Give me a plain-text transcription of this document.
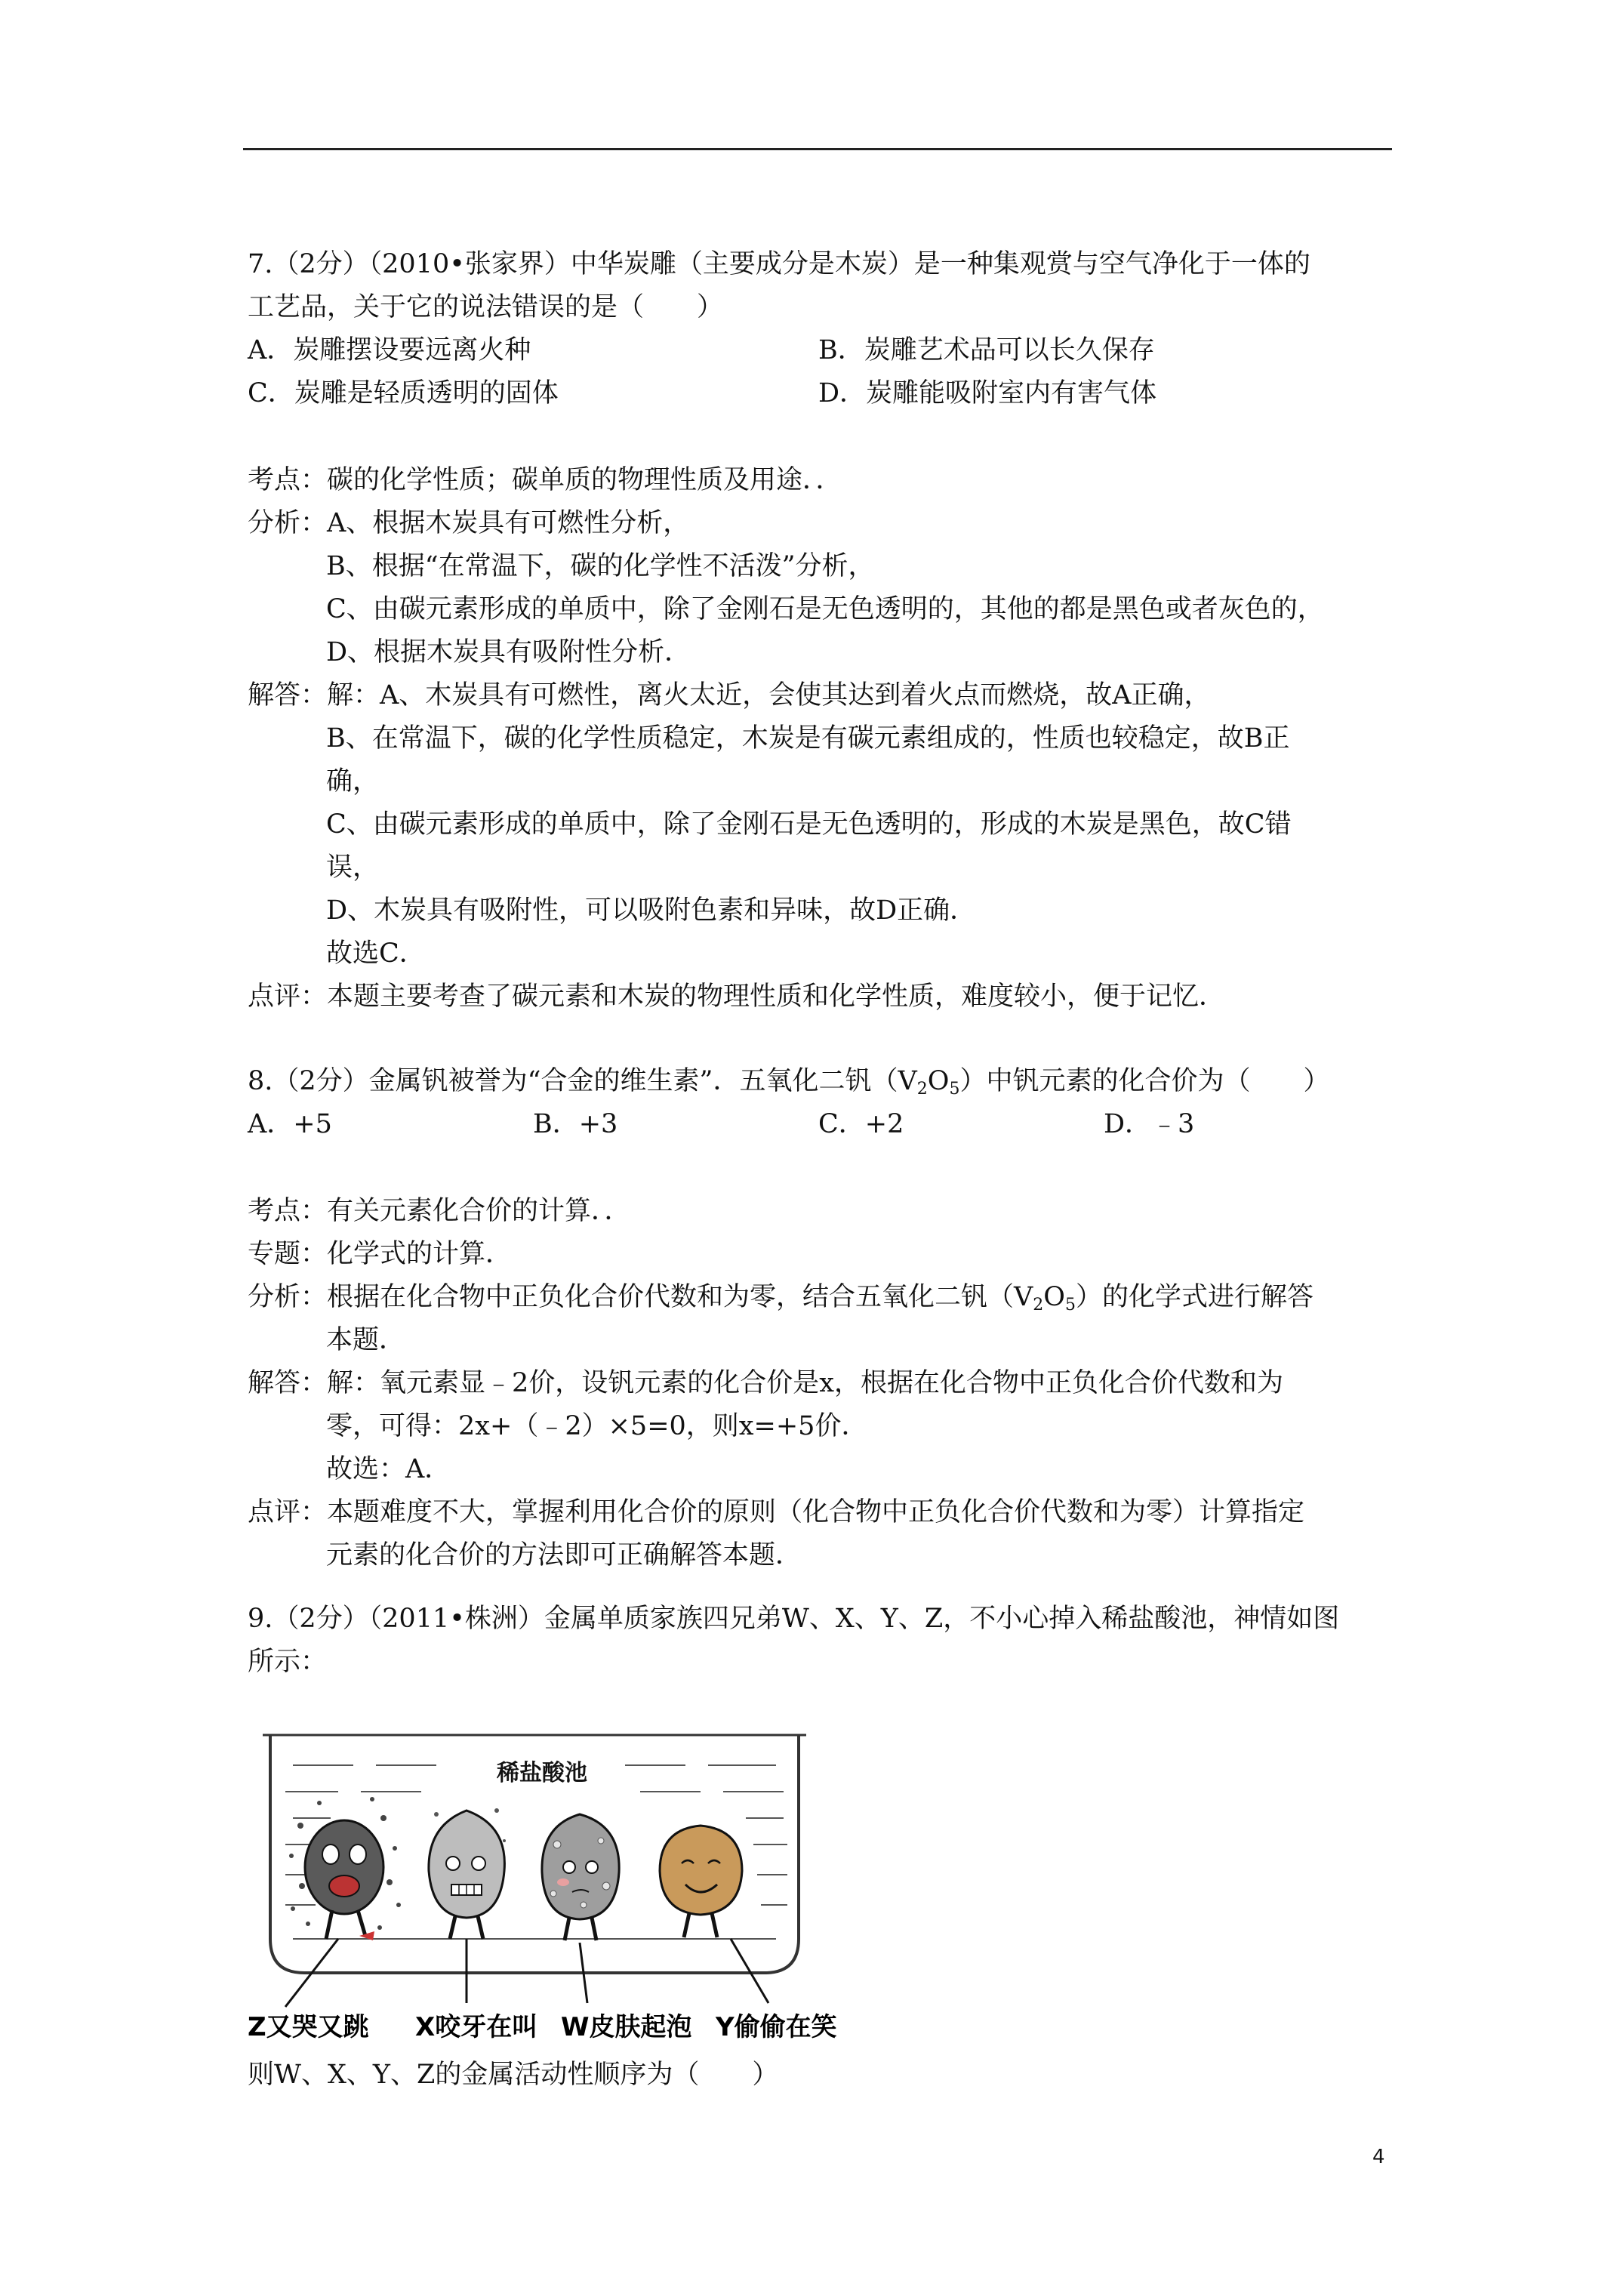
7.（2分）（2010•张家界）中华炭雕（主要成分是木炭）是一种集观赏与空气净化于一体的
工艺品，关于它的说法错误的是（　　）
A．炭雕摆设要远离火种	B．炭雕艺术品可以长久保存
C．炭雕是轻质透明的固体	D．炭雕能吸附室内有害气体
考点：碳的化学性质；碳单质的物理性质及用途．．
分析：A、根据木炭具有可燃性分析，
B、根据“在常温下，碳的化学性不活泼”分析，
C、由碳元素形成的单质中，除了金刚石是无色透明的，其他的都是黑色或者灰色的，
D、根据木炭具有吸附性分析．
解答：解：A、木炭具有可燃性，离火太近，会使其达到着火点而燃烧，故A正确，
B、在常温下，碳的化学性质稳定，木炭是有碳元素组成的，性质也较稳定，故B正
确，
C、由碳元素形成的单质中，除了金刚石是无色透明的，形成的木炭是黑色，故C错
误，
D、木炭具有吸附性，可以吸附色素和异味，故D正确．
故选C．
点评：本题主要考查了碳元素和木炭的物理性质和化学性质，难度较小，便于记忆．
8.（2分）金属钒被誉为“合金的维生素”．五氧化二钒$(V_2O_5)$中钒元素的化合价为（　　）
A．+5	B．+3	C．+2	D．﹣3
考点：有关元素化合价的计算．．
专题：化学式的计算．
分析：根据在化合物中正负化合价代数和为零，结合五氧化二钒$(V_2O_5)$的化学式进行解答
本题．
解答：解：氧元素显﹣2价，设钒元素的化合价是x，根据在化合物中正负化合价代数和为
零，可得：2x+（﹣2）×5=0，则x=+5价．
故选：A．
点评：本题难度不大，掌握利用化合价的原则（化合物中正负化合价代数和为零）计算指定
元素的化合价的方法即可正确解答本题．
9.（2分）（2011•株洲）金属单质家族四兄弟W、X、Y、Z，不小心掉入稀盐酸池，神情如图
所示：
稀盐酸池
Z又哭又跳 X咬牙在叫 W皮肤起泡 Y偷偷在笑
则W、X、Y、Z的金属活动性顺序为（　　）
4
